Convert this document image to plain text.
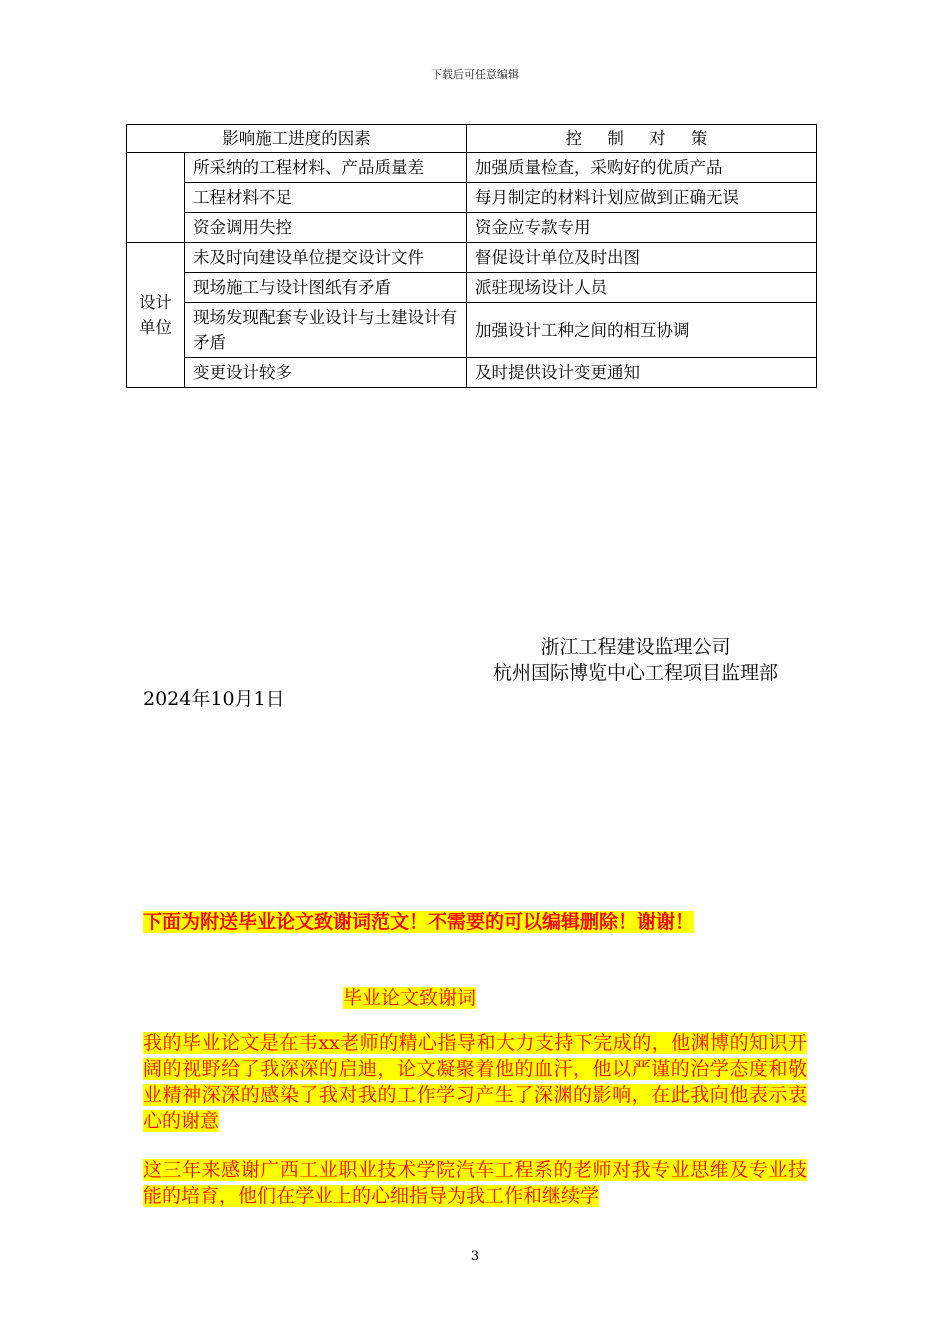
下载后可任意编辑
影响施工进度的因素		控 制 对 策
	所采纳的工程材料、产品质量差	加强质量检查，采购好的优质产品
	工程材料不足	每月制定的材料计划应做到正确无误
	资金调用失控	资金应专款专用
设计单位	未及时向建设单位提交设计文件	督促设计单位及时出图
	现场施工与设计图纸有矛盾	派驻现场设计人员
	现场发现配套专业设计与土建设计有矛盾	加强设计工种之间的相互协调
	变更设计较多	及时提供设计变更通知
浙江工程建设监理公司
杭州国际博览中心工程项目监理部
2024年10月1日
下面为附送毕业论文致谢词范文！不需要的可以编辑删除！谢谢！
毕业论文致谢词
我的毕业论文是在韦xx老师的精心指导和大力支持下完成的，他渊博的知识开阔的视野给了我深深的启迪，论文凝聚着他的血汗，他以严谨的治学态度和敬业精神深深的感染了我对我的工作学习产生了深渊的影响，在此我向他表示衷心的谢意
这三年来感谢广西工业职业技术学院汽车工程系的老师对我专业思维及专业技能的培育，他们在学业上的心细指导为我工作和继续学
3
